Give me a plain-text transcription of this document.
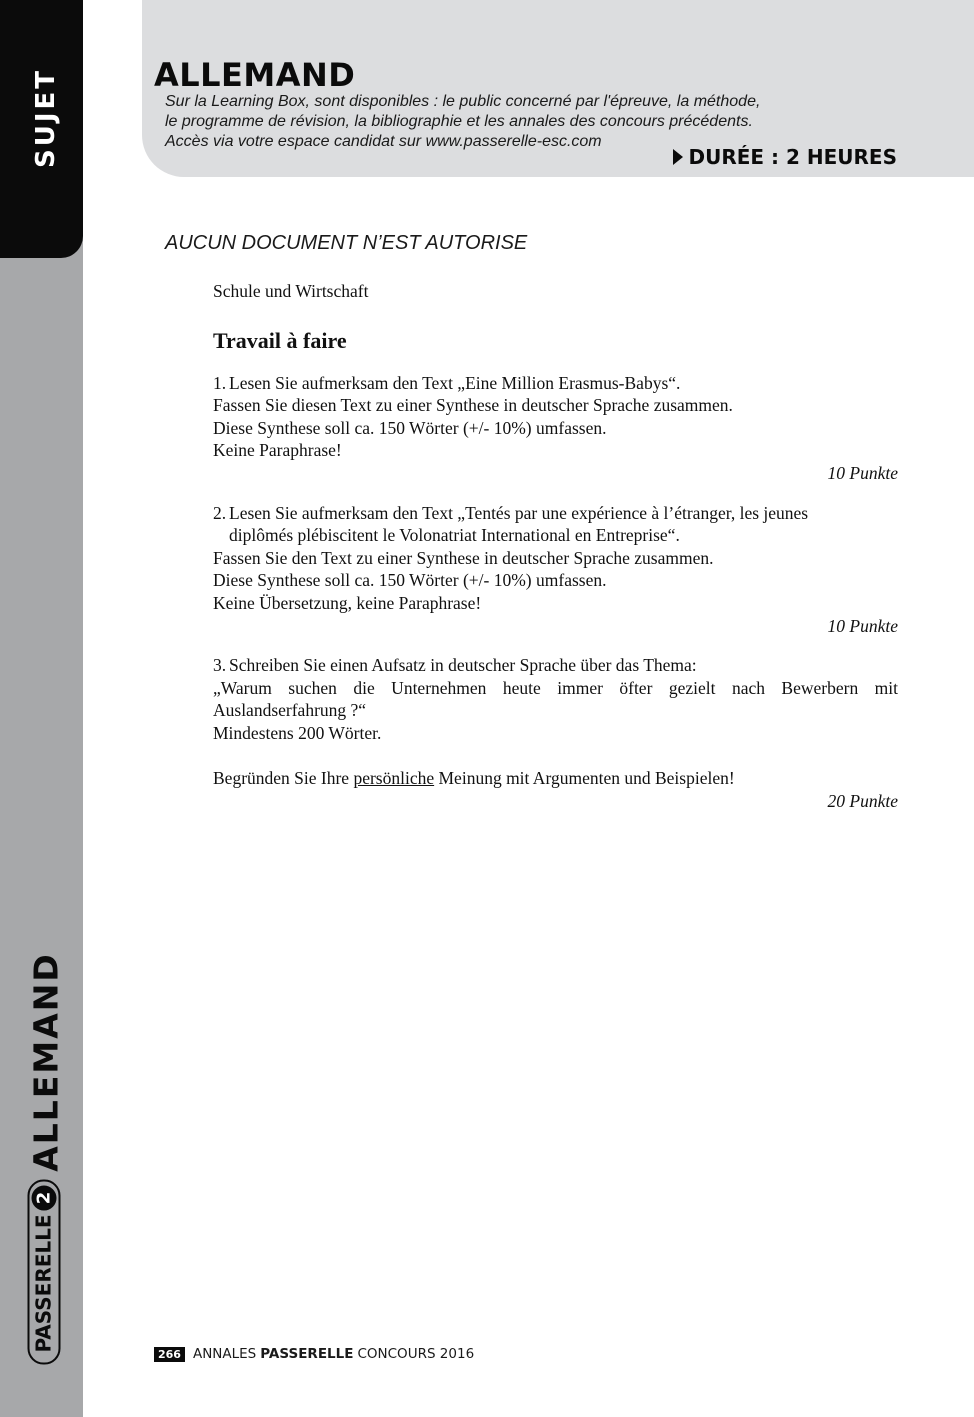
SUJET
ALLEMAND
PASSERELLE
2
ALLEMAND
Sur la Learning Box, sont disponibles : le public concerné par l'épreuve, la méthode,
le programme de révision, la bibliographie et les annales des concours précédents.
Accès via votre espace candidat sur www.passerelle-esc.com
DURÉE : 2 HEURES
AUCUN DOCUMENT N’EST AUTORISE

Schule und Wirtschaft

Travail à faire

1. Lesen Sie aufmerksam den Text „Eine Million Erasmus-Babys“.

Fassen Sie diesen Text zu einer Synthese in deutscher Sprache zusammen.

Diese Synthese soll ca. 150 Wörter (+/- 10%) umfassen.

Keine Paraphrase!

10 Punkte

2. Lesen Sie aufmerksam den Text „Tentés par une expérience à l’étranger, les jeunes

diplômés plébiscitent le Volonatriat International en Entreprise“.

Fassen Sie den Text zu einer Synthese in deutscher Sprache zusammen.

Diese Synthese soll ca. 150 Wörter (+/- 10%) umfassen.

Keine Übersetzung, keine Paraphrase!

10 Punkte

3. Schreiben Sie einen Aufsatz in deutscher Sprache über das Thema:

„Warum suchen die Unternehmen heute immer öfter gezielt nach Bewerbern mit Auslandserfahrung ?“

Mindestens 200 Wörter.

Begründen Sie Ihre persönliche Meinung mit Argumenten und Beispielen!

20 Punkte

266 ANNALES PASSERELLE CONCOURS 2016
